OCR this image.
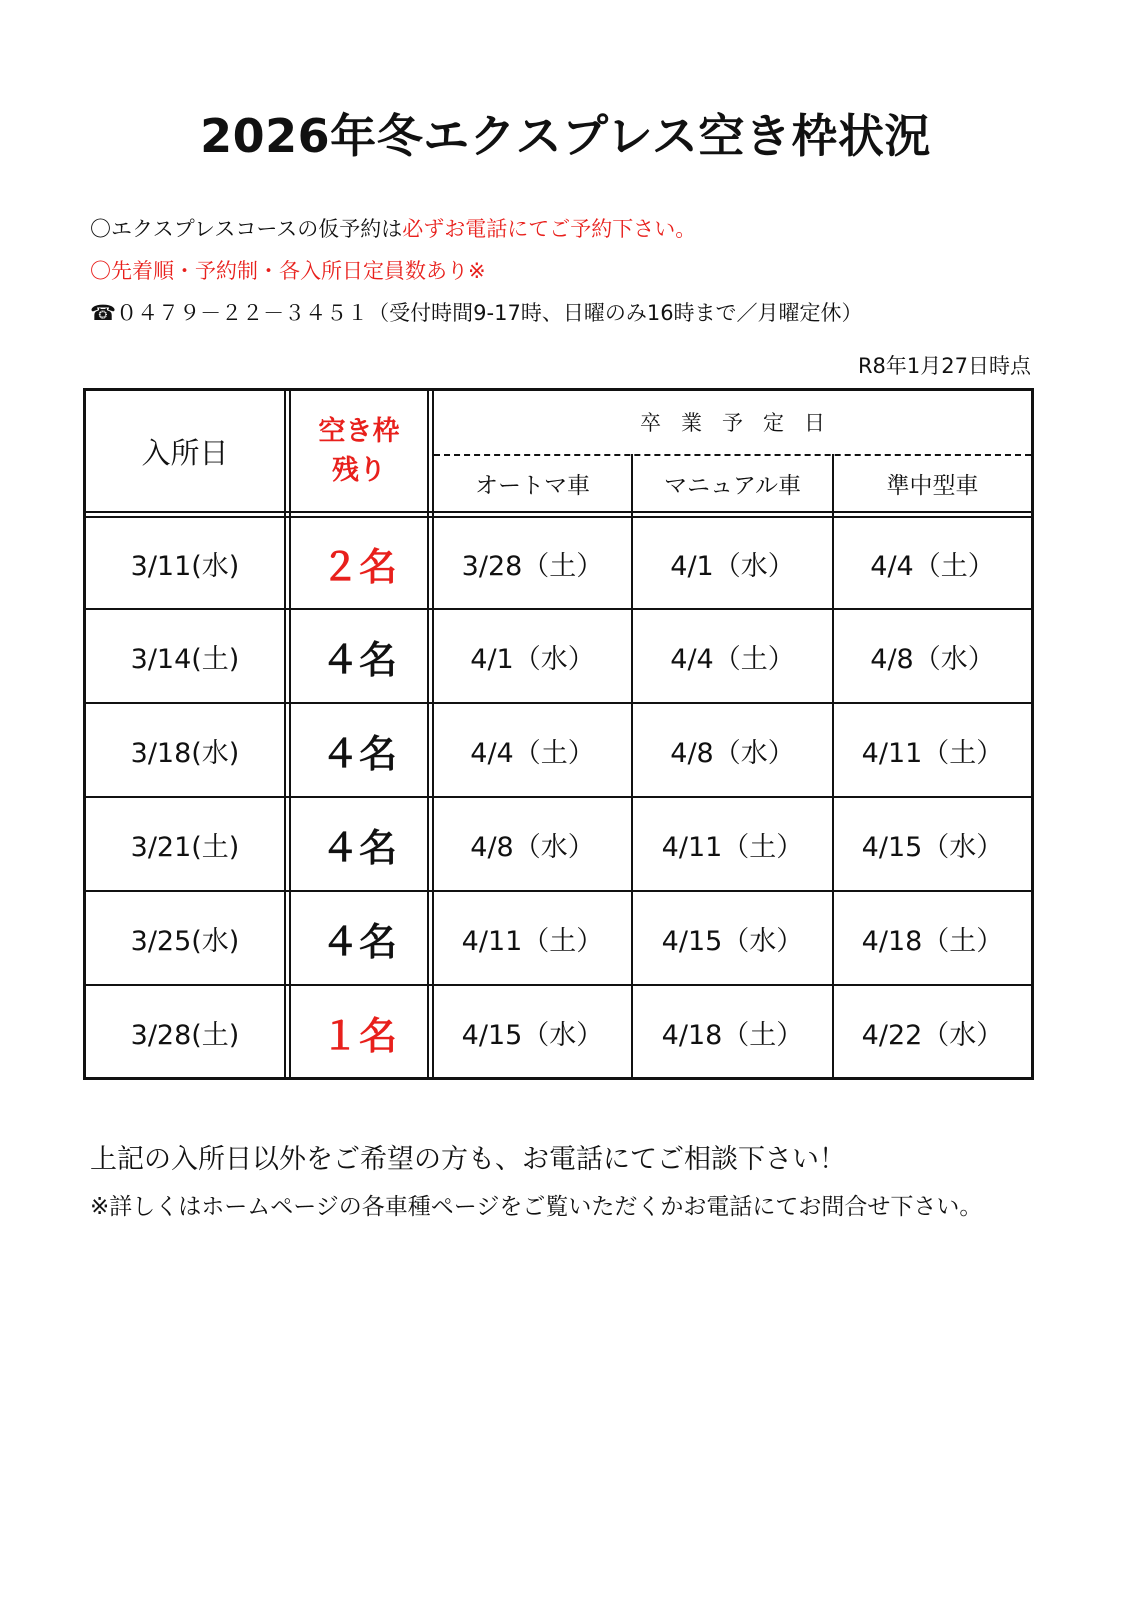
2026年冬エクスプレス空き枠状況
〇エクスプレスコースの仮予約は必ずお電話にてご予約下さい。
〇先着順・予約制・各入所日定員数あり※
☎０４７９－２２－３４５１（受付時間9-17時、日曜のみ16時まで／月曜定休）
R8年1月27日時点
入所日
空き枠
残り
卒業予定日
オートマ車	マニュアル車	準中型車
3/11(水)	２名	3/28（土）	4/1（水）	4/4（土）
3/14(土)	４名	4/1（水）	4/4（土）	4/8（水）
3/18(水)	４名	4/4（土）	4/8（水）	4/11（土）
3/21(土)	４名	4/8（水）	4/11（土）	4/15（水）
3/25(水)	４名	4/11（土）	4/15（水）	4/18（土）
3/28(土)	１名	4/15（水）	4/18（土）	4/22（水）
上記の入所日以外をご希望の方も、お電話にてご相談下さい！
※詳しくはホームページの各車種ページをご覧いただくかお電話にてお問合せ下さい。
